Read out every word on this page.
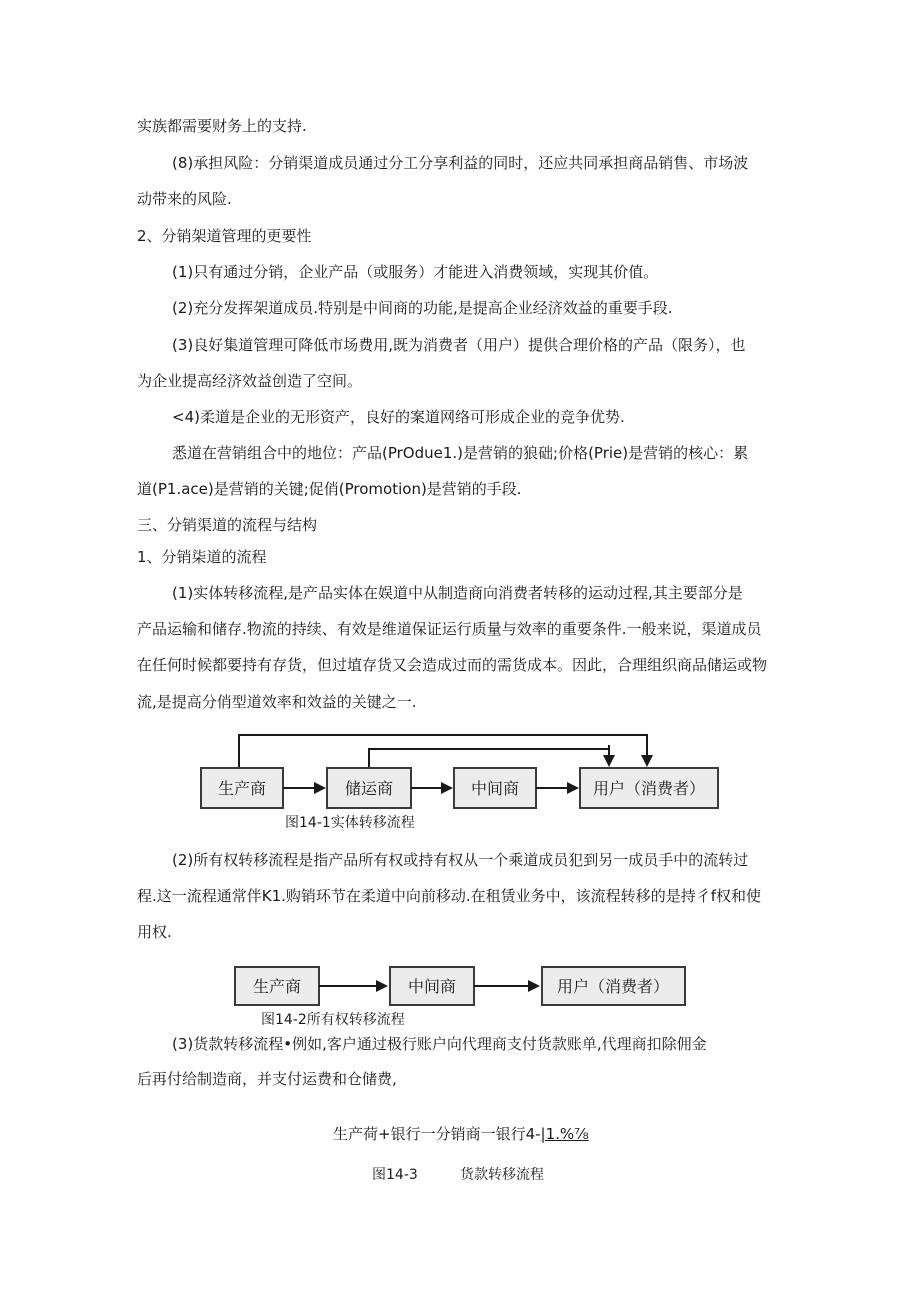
实族都需要财务上的支持.
(8)承担风险：分销渠道成员通过分工分享利益的同时，还应共同承担商品销售、市场波
动带来的风险.
2、分销架道管理的更要性
(1)只有通过分销，企业产品（或服务）才能进入消费领域，实现其价值。
(2)充分发挥架道成员.特别是中间商的功能,是提高企业经济效益的重要手段.
(3)良好集道管理可降低市场费用,既为消费者（用户）提供合理价格的产品（限务），也
为企业提高经济效益创造了空间。
<4)柔道是企业的无形资产，良好的案道网络可形成企业的竞争优势.
悉道在营销组合中的地位：产品(PrOdue1.)是营销的狼础;价格(Prie)是营销的核心：累
道(P1.ace)是营销的关键;促俏(Promotion)是营销的手段.
三、分销渠道的流程与结构
1、分销柒道的流程
(1)实体转移流程,是产品实体在娱道中从制造商向消费者转移的运动过程,其主要部分是
产品运输和储存.物流的持续、有效是维道保证运行质量与效率的重要条件.一般来说，渠道成员
在任何时候都要持有存货，但过埴存货又会造成过而的需货成本。因此，合理组织商品储运或物
流,是提高分俏型道效率和效益的关键之一.
生产商	储运商	中间商	用户（消费者）
生产商	中间商	用户（消费者）
图14-1实体转移流程
(2)所有权转移流程是指产品所有权或持有权从一个乘道成员犯到另一成员手中的流转过
程.这一流程通常伴K1.购销环节在柔道中向前移动.在租赁业务中，该流程转移的是持彳f权和使
用权.
图14-2所有权转移流程
(3)货款转移流程•例如,客户通过极行账户向代理商支付货款账单,代理商扣除佣金
后再付给制造商，并支付运费和仓储费,
生产荷+银行一分销商一银行4-|1.%⅞
图14-3	货款转移流程
